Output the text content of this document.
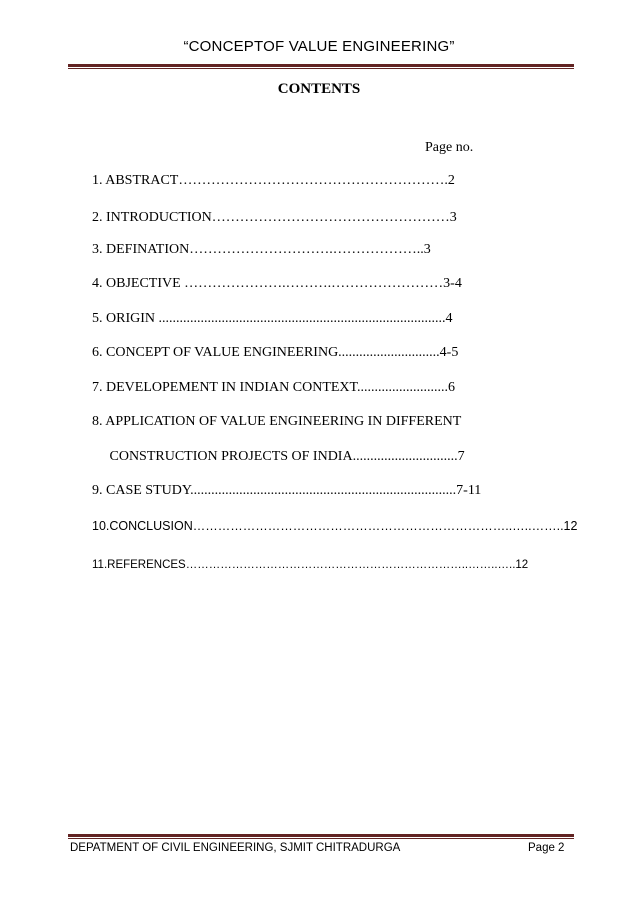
“CONCEPTOF VALUE ENGINEERING”
CONTENTS
Page no.
1. ABSTRACT………………………………………………….2
2. INTRODUCTION……………………………………………3
3. DEFINATION………………………….………………..3
4. OBJECTIVE ………………….……….……………………3-4
5. ORIGIN ..................................................................................4
6. CONCEPT OF VALUE ENGINEERING.............................4-5
7. DEVELOPEMENT IN INDIAN CONTEXT..........................6
8. APPLICATION OF VALUE ENGINEERING IN DIFFERENT
CONSTRUCTION PROJECTS OF INDIA..............................7
9. CASE STUDY............................................................................7-11
10.CONCLUSION…………………………………………………………………..…..……..12
11.REFERENCES………………………………………………………………..……..…..12
DEPATMENT OF CIVIL ENGINEERING, SJMIT CHITRADURGA	Page 2
